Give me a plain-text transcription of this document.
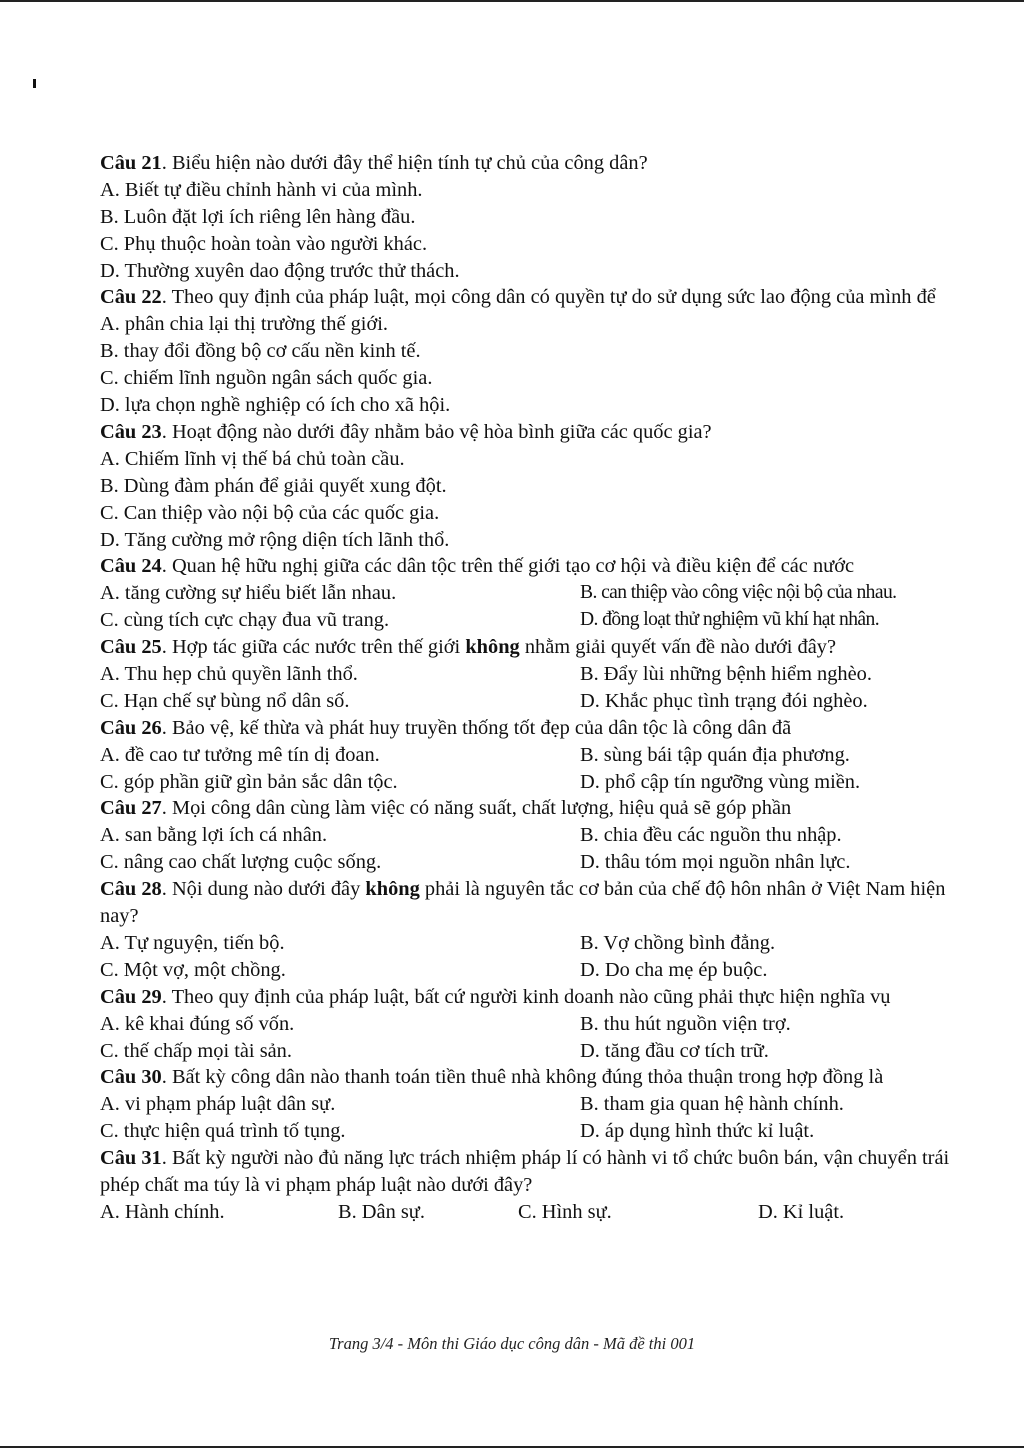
Câu 21. Biểu hiện nào dưới đây thể hiện tính tự chủ của công dân?
A. Biết tự điều chỉnh hành vi của mình.
B. Luôn đặt lợi ích riêng lên hàng đầu.
C. Phụ thuộc hoàn toàn vào người khác.
D. Thường xuyên dao động trước thử thách.
Câu 22. Theo quy định của pháp luật, mọi công dân có quyền tự do sử dụng sức lao động của mình để
A. phân chia lại thị trường thế giới.
B. thay đổi đồng bộ cơ cấu nền kinh tế.
C. chiếm lĩnh nguồn ngân sách quốc gia.
D. lựa chọn nghề nghiệp có ích cho xã hội.
Câu 23. Hoạt động nào dưới đây nhằm bảo vệ hòa bình giữa các quốc gia?
A. Chiếm lĩnh vị thế bá chủ toàn cầu.
B. Dùng đàm phán để giải quyết xung đột.
C. Can thiệp vào nội bộ của các quốc gia.
D. Tăng cường mở rộng diện tích lãnh thổ.
Câu 24. Quan hệ hữu nghị giữa các dân tộc trên thế giới tạo cơ hội và điều kiện để các nước
A. tăng cường sự hiểu biết lẫn nhau.	B. can thiệp vào công việc nội bộ của nhau.
C. cùng tích cực chạy đua vũ trang.	D. đồng loạt thử nghiệm vũ khí hạt nhân.
Câu 25. Hợp tác giữa các nước trên thế giới không nhằm giải quyết vấn đề nào dưới đây?
A. Thu hẹp chủ quyền lãnh thổ.	B. Đẩy lùi những bệnh hiểm nghèo.
C. Hạn chế sự bùng nổ dân số.	D. Khắc phục tình trạng đói nghèo.
Câu 26. Bảo vệ, kế thừa và phát huy truyền thống tốt đẹp của dân tộc là công dân đã
A. đề cao tư tưởng mê tín dị đoan.	B. sùng bái tập quán địa phương.
C. góp phần giữ gìn bản sắc dân tộc.	D. phổ cập tín ngưỡng vùng miền.
Câu 27. Mọi công dân cùng làm việc có năng suất, chất lượng, hiệu quả sẽ góp phần
A. san bằng lợi ích cá nhân.	B. chia đều các nguồn thu nhập.
C. nâng cao chất lượng cuộc sống.	D. thâu tóm mọi nguồn nhân lực.
Câu 28. Nội dung nào dưới đây không phải là nguyên tắc cơ bản của chế độ hôn nhân ở Việt Nam hiện nay?
A. Tự nguyện, tiến bộ.	B. Vợ chồng bình đẳng.
C. Một vợ, một chồng.	D. Do cha mẹ ép buộc.
Câu 29. Theo quy định của pháp luật, bất cứ người kinh doanh nào cũng phải thực hiện nghĩa vụ
A. kê khai đúng số vốn.	B. thu hút nguồn viện trợ.
C. thế chấp mọi tài sản.	D. tăng đầu cơ tích trữ.
Câu 30. Bất kỳ công dân nào thanh toán tiền thuê nhà không đúng thỏa thuận trong hợp đồng là
A. vi phạm pháp luật dân sự.	B. tham gia quan hệ hành chính.
C. thực hiện quá trình tố tụng.	D. áp dụng hình thức kỉ luật.
Câu 31. Bất kỳ người nào đủ năng lực trách nhiệm pháp lí có hành vi tổ chức buôn bán, vận chuyển trái phép chất ma túy là vi phạm pháp luật nào dưới đây?
A. Hành chính.	B. Dân sự.	C. Hình sự.	D. Kỉ luật.
Trang 3/4 - Môn thi Giáo dục công dân - Mã đề thi 001
